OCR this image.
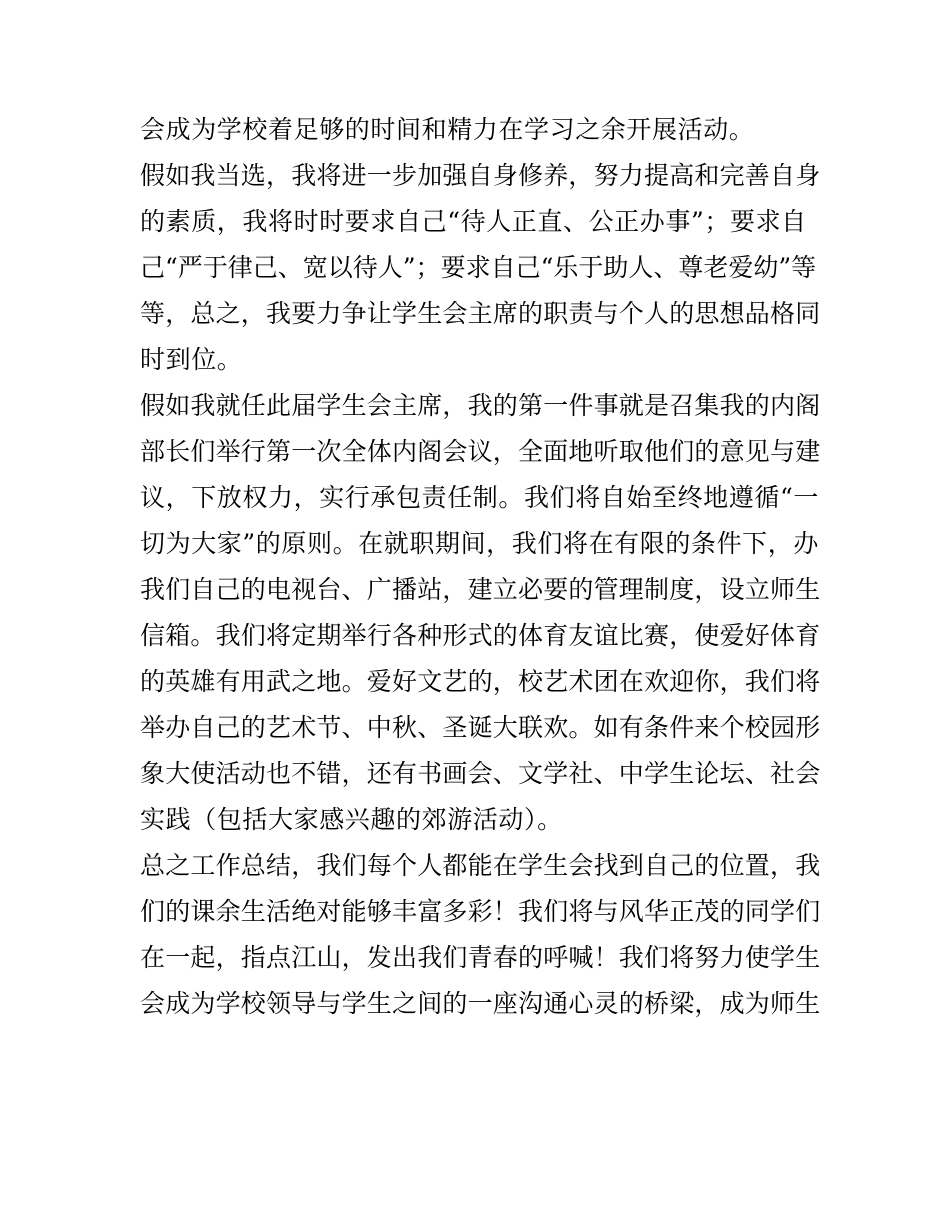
会成为学校着足够的时间和精力在学习之余开展活动。
假如我当选，我将进一步加强自身修养，努力提高和完善自身
的素质，我将时时要求自己“待人正直、公正办事”；要求自
己“严于律己、宽以待人”；要求自己“乐于助人、尊老爱幼”等
等，总之，我要力争让学生会主席的职责与个人的思想品格同
时到位。
假如我就任此届学生会主席，我的第一件事就是召集我的内阁
部长们举行第一次全体内阁会议，全面地听取他们的意见与建
议，下放权力，实行承包责任制。我们将自始至终地遵循“一
切为大家”的原则。在就职期间，我们将在有限的条件下，办
我们自己的电视台、广播站，建立必要的管理制度，设立师生
信箱。我们将定期举行各种形式的体育友谊比赛，使爱好体育
的英雄有用武之地。爱好文艺的，校艺术团在欢迎你，我们将
举办自己的艺术节、中秋、圣诞大联欢。如有条件来个校园形
象大使活动也不错，还有书画会、文学社、中学生论坛、社会
实践（包括大家感兴趣的郊游活动）。
总之工作总结，我们每个人都能在学生会找到自己的位置，我
们的课余生活绝对能够丰富多彩！我们将与风华正茂的同学们
在一起，指点江山，发出我们青春的呼喊！我们将努力使学生
会成为学校领导与学生之间的一座沟通心灵的桥梁，成为师生
